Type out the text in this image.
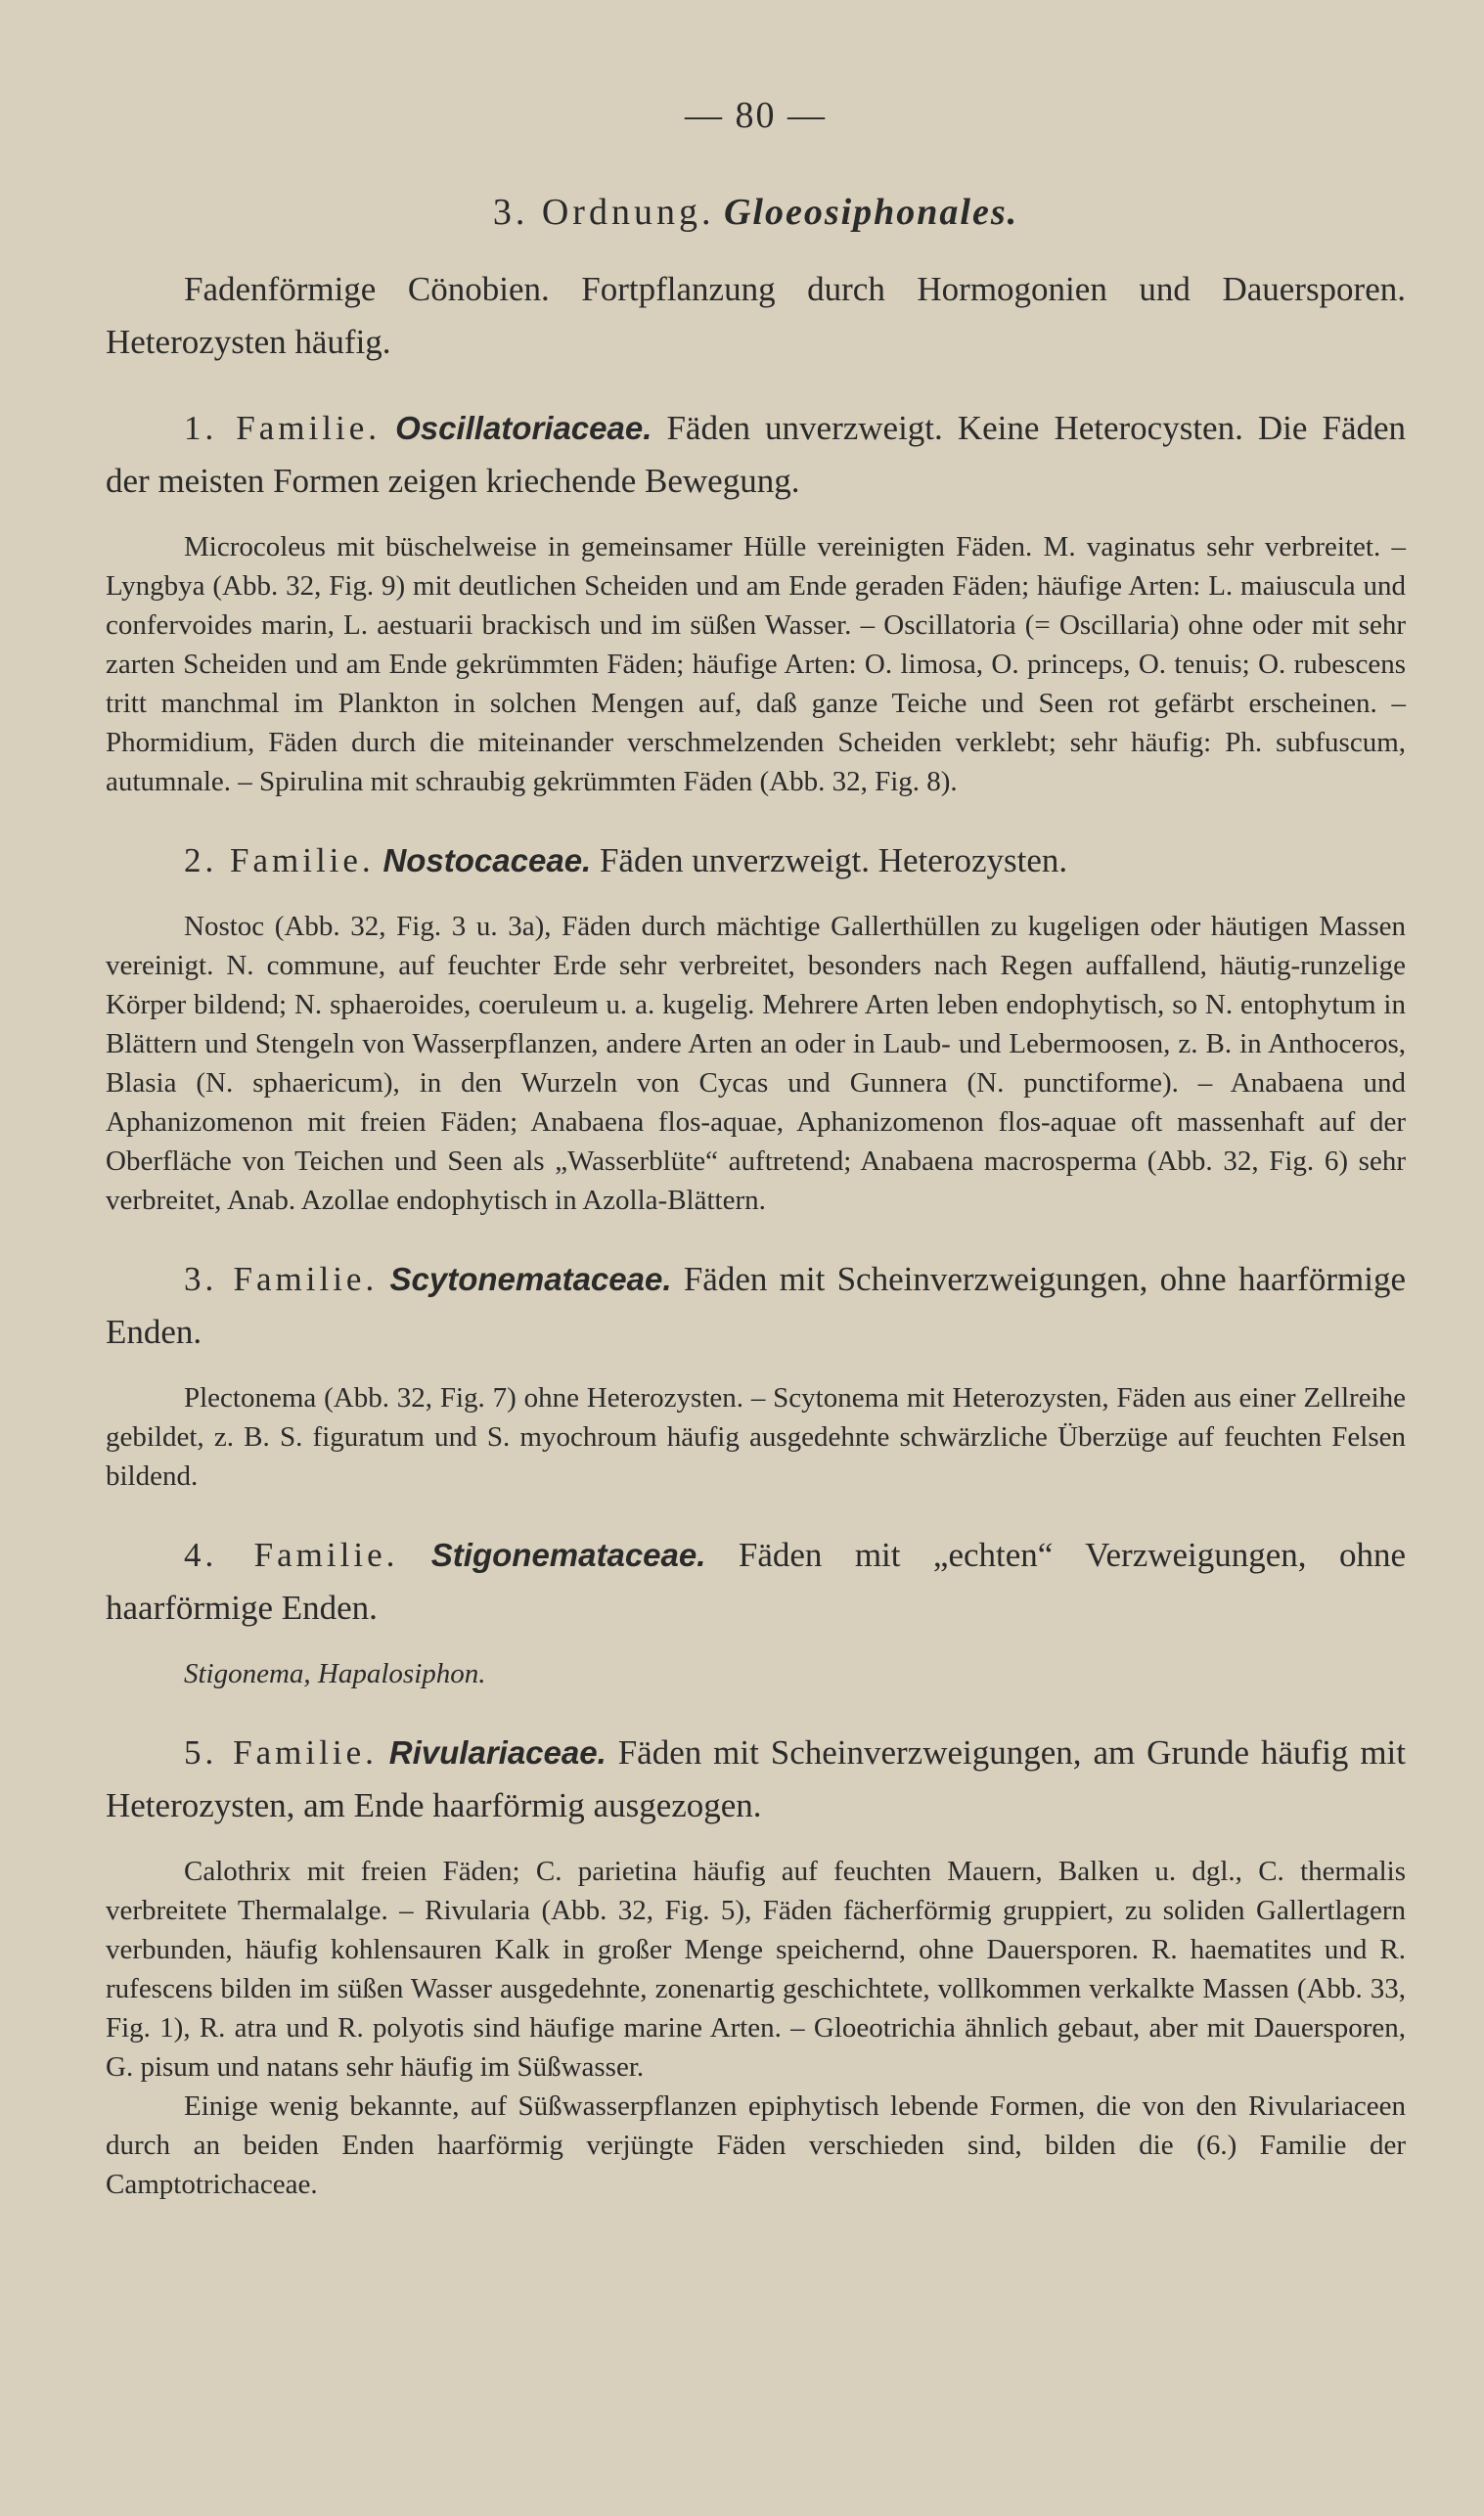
— 80 —
3. Ordnung. Gloeosiphonales.

Fadenförmige Cönobien. Fortpflanzung durch Hormogonien und Dauersporen. Heterozysten häufig.

1. Familie. Oscillatoriaceae. Fäden unverzweigt. Keine Heterocysten. Die Fäden der meisten Formen zeigen kriechende Bewegung.

Microcoleus mit büschelweise in gemeinsamer Hülle vereinigten Fäden. M. vaginatus sehr verbreitet. – Lyngbya (Abb. 32, Fig. 9) mit deutlichen Scheiden und am Ende geraden Fäden; häufige Arten: L. maiuscula und confervoides marin, L. aestuarii brackisch und im süßen Wasser. – Oscillatoria (= Oscillaria) ohne oder mit sehr zarten Scheiden und am Ende gekrümmten Fäden; häufige Arten: O. limosa, O. princeps, O. tenuis; O. rubescens tritt manchmal im Plankton in solchen Mengen auf, daß ganze Teiche und Seen rot gefärbt erscheinen. – Phormidium, Fäden durch die miteinander verschmelzenden Scheiden verklebt; sehr häufig: Ph. subfuscum, autumnale. – Spirulina mit schraubig gekrümmten Fäden (Abb. 32, Fig. 8).

2. Familie. Nostocaceae. Fäden unverzweigt. Heterozysten.

Nostoc (Abb. 32, Fig. 3 u. 3a), Fäden durch mächtige Gallerthüllen zu kugeligen oder häutigen Massen vereinigt. N. commune, auf feuchter Erde sehr verbreitet, besonders nach Regen auffallend, häutig-runzelige Körper bildend; N. sphaeroides, coeruleum u. a. kugelig. Mehrere Arten leben endophytisch, so N. entophytum in Blättern und Stengeln von Wasserpflanzen, andere Arten an oder in Laub- und Lebermoosen, z. B. in Anthoceros, Blasia (N. sphaericum), in den Wurzeln von Cycas und Gunnera (N. punctiforme). – Anabaena und Aphanizomenon mit freien Fäden; Anabaena flos-aquae, Aphanizomenon flos-aquae oft massenhaft auf der Oberfläche von Teichen und Seen als „Wasserblüte“ auftretend; Anabaena macrosperma (Abb. 32, Fig. 6) sehr verbreitet, Anab. Azollae endophytisch in Azolla-Blättern.

3. Familie. Scytonemataceae. Fäden mit Scheinverzweigungen, ohne haarförmige Enden.

Plectonema (Abb. 32, Fig. 7) ohne Heterozysten. – Scytonema mit Heterozysten, Fäden aus einer Zellreihe gebildet, z. B. S. figuratum und S. myochroum häufig ausgedehnte schwärzliche Überzüge auf feuchten Felsen bildend.

4. Familie. Stigonemataceae. Fäden mit „echten“ Verzweigungen, ohne haarförmige Enden.

Stigonema, Hapalosiphon.

5. Familie. Rivulariaceae. Fäden mit Scheinverzweigungen, am Grunde häufig mit Heterozysten, am Ende haarförmig ausgezogen.

Calothrix mit freien Fäden; C. parietina häufig auf feuchten Mauern, Balken u. dgl., C. thermalis verbreitete Thermalalge. – Rivularia (Abb. 32, Fig. 5), Fäden fächerförmig gruppiert, zu soliden Gallertlagern verbunden, häufig kohlensauren Kalk in großer Menge speichernd, ohne Dauersporen. R. haematites und R. rufescens bilden im süßen Wasser ausgedehnte, zonenartig geschichtete, vollkommen verkalkte Massen (Abb. 33, Fig. 1), R. atra und R. polyotis sind häufige marine Arten. – Gloeotrichia ähnlich gebaut, aber mit Dauersporen, G. pisum und natans sehr häufig im Süßwasser.

Einige wenig bekannte, auf Süßwasserpflanzen epiphytisch lebende Formen, die von den Rivulariaceen durch an beiden Enden haarförmig verjüngte Fäden verschieden sind, bilden die (6.) Familie der Camptotrichaceae.
